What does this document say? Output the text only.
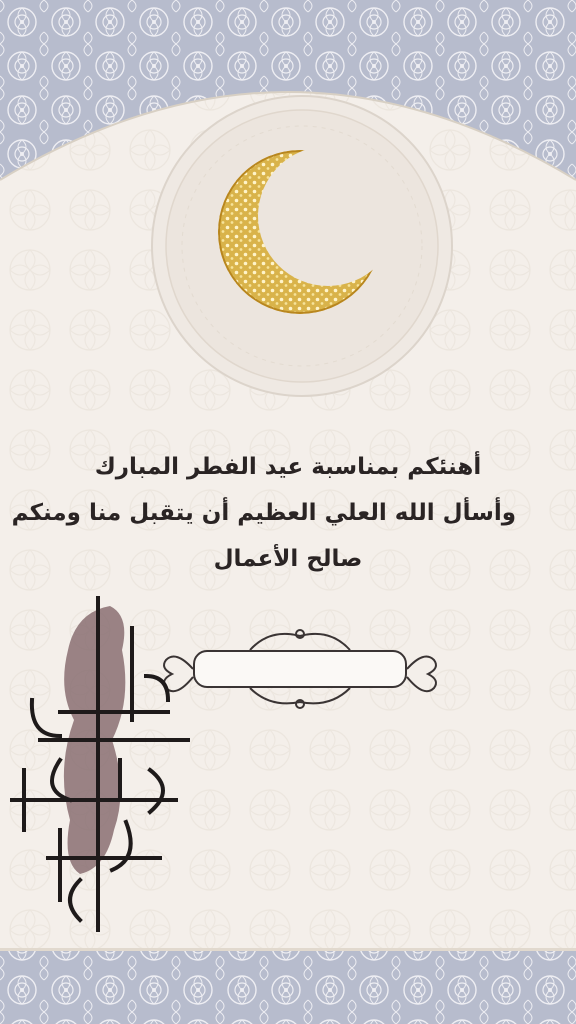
أهنئكم بمناسبة عيد الفطر المبارك
وأسأل الله العلي العظيم أن يتقبل منا ومنكم
صالح الأعمال
